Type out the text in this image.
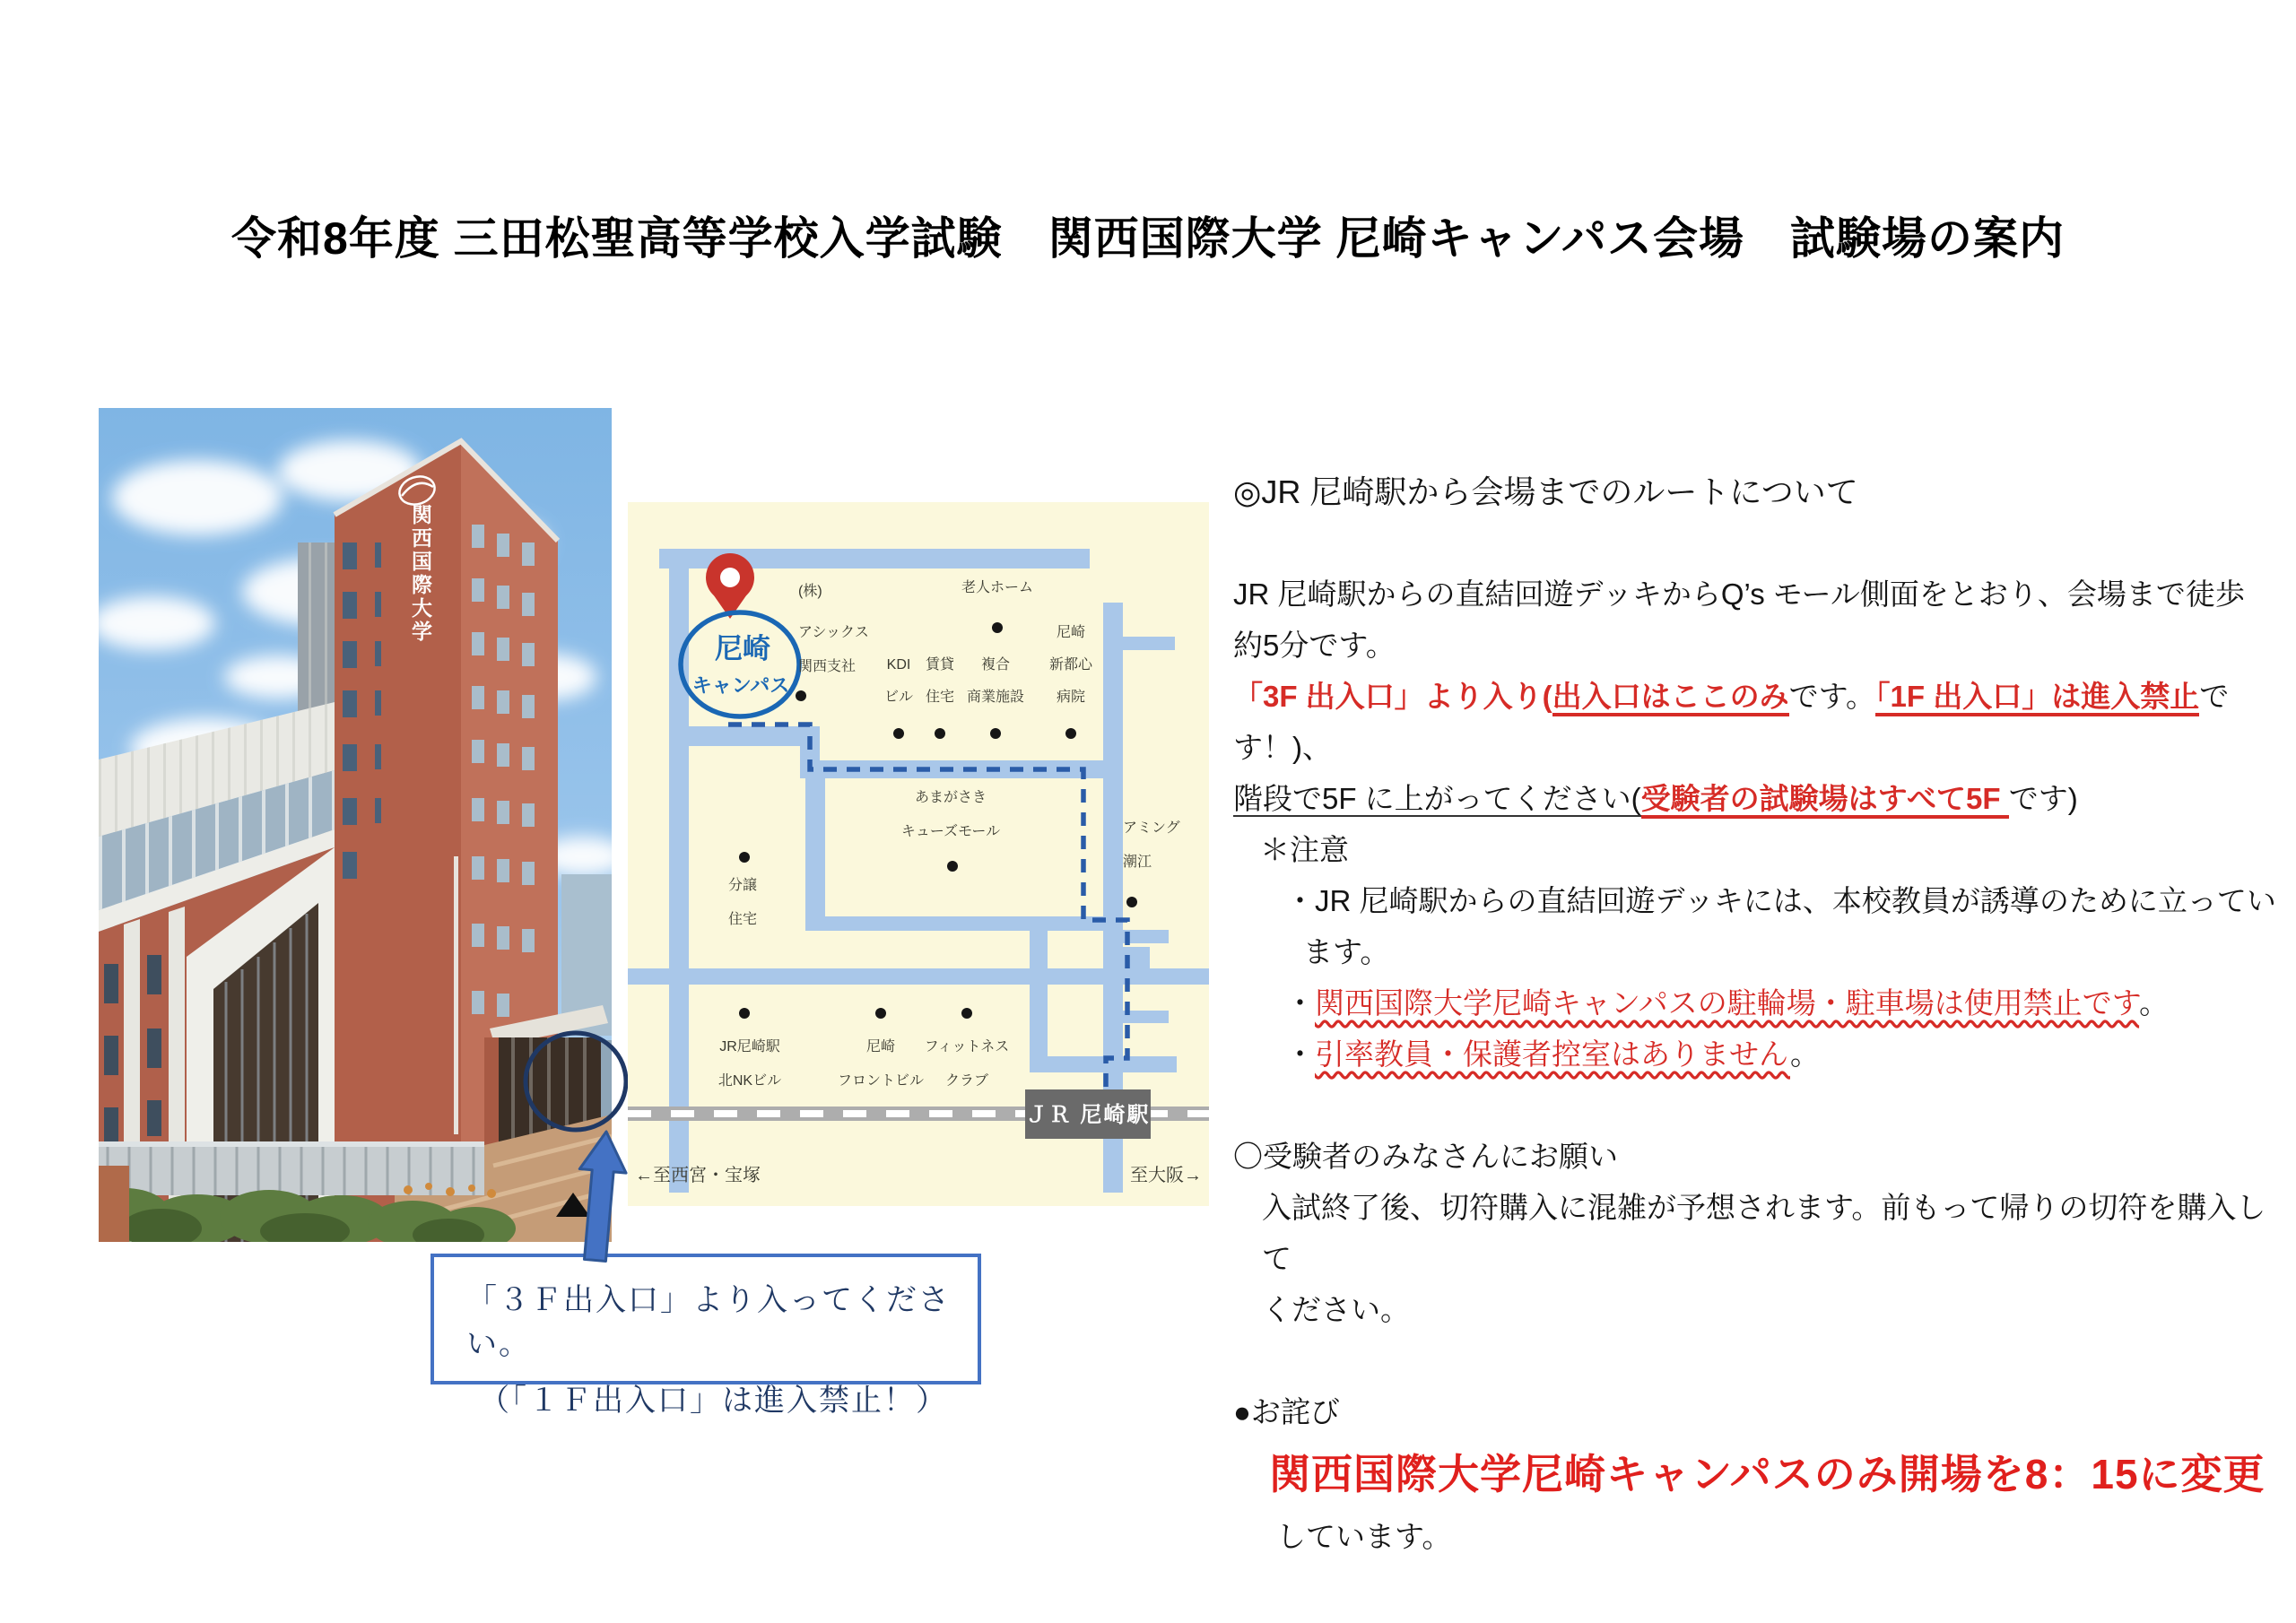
令和8年度 三田松聖高等学校入学試験　関西国際大学 尼崎キャンパス会場　試験場の案内
関西国際大学
「３Ｆ出入口」より入ってください。
（「１Ｆ出入口」は進入禁止！）
ＪＲ 尼崎駅
尼崎
キャンパス
(株)
アシックス
関西支社
老人ホーム
KDI
ビル
賃貸
住宅
複合
商業施設
尼崎
新都心
病院
あまがさき
キューズモール	アミング
潮江
分譲
住宅
JR尼崎駅
北NKビル
尼崎
フロントビル
フィットネス
クラブ
←至西宮・宝塚	至大阪→
◎JR 尼崎駅から会場までのルートについて
JR 尼崎駅からの直結回遊デッキからQ’s モール側面をとおり、会場まで徒歩
約5分です。
「3F 出入口」より入り(出入口はここのみです。「1F 出入口」は進入禁止です！)、
階段で5F に上がってください(受験者の試験場はすべて5F です)
＊注意
・JR 尼崎駅からの直結回遊デッキには、本校教員が誘導のために立ってい
ます。
・関西国際大学尼崎キャンパスの駐輪場・駐車場は使用禁止です。
・引率教員・保護者控室はありません。
〇受験者のみなさんにお願い
入試終了後、切符購入に混雑が予想されます。前もって帰りの切符を購入して
ください。
●お詫び
関西国際大学尼崎キャンパスのみ開場を8：15に変更
しています。
